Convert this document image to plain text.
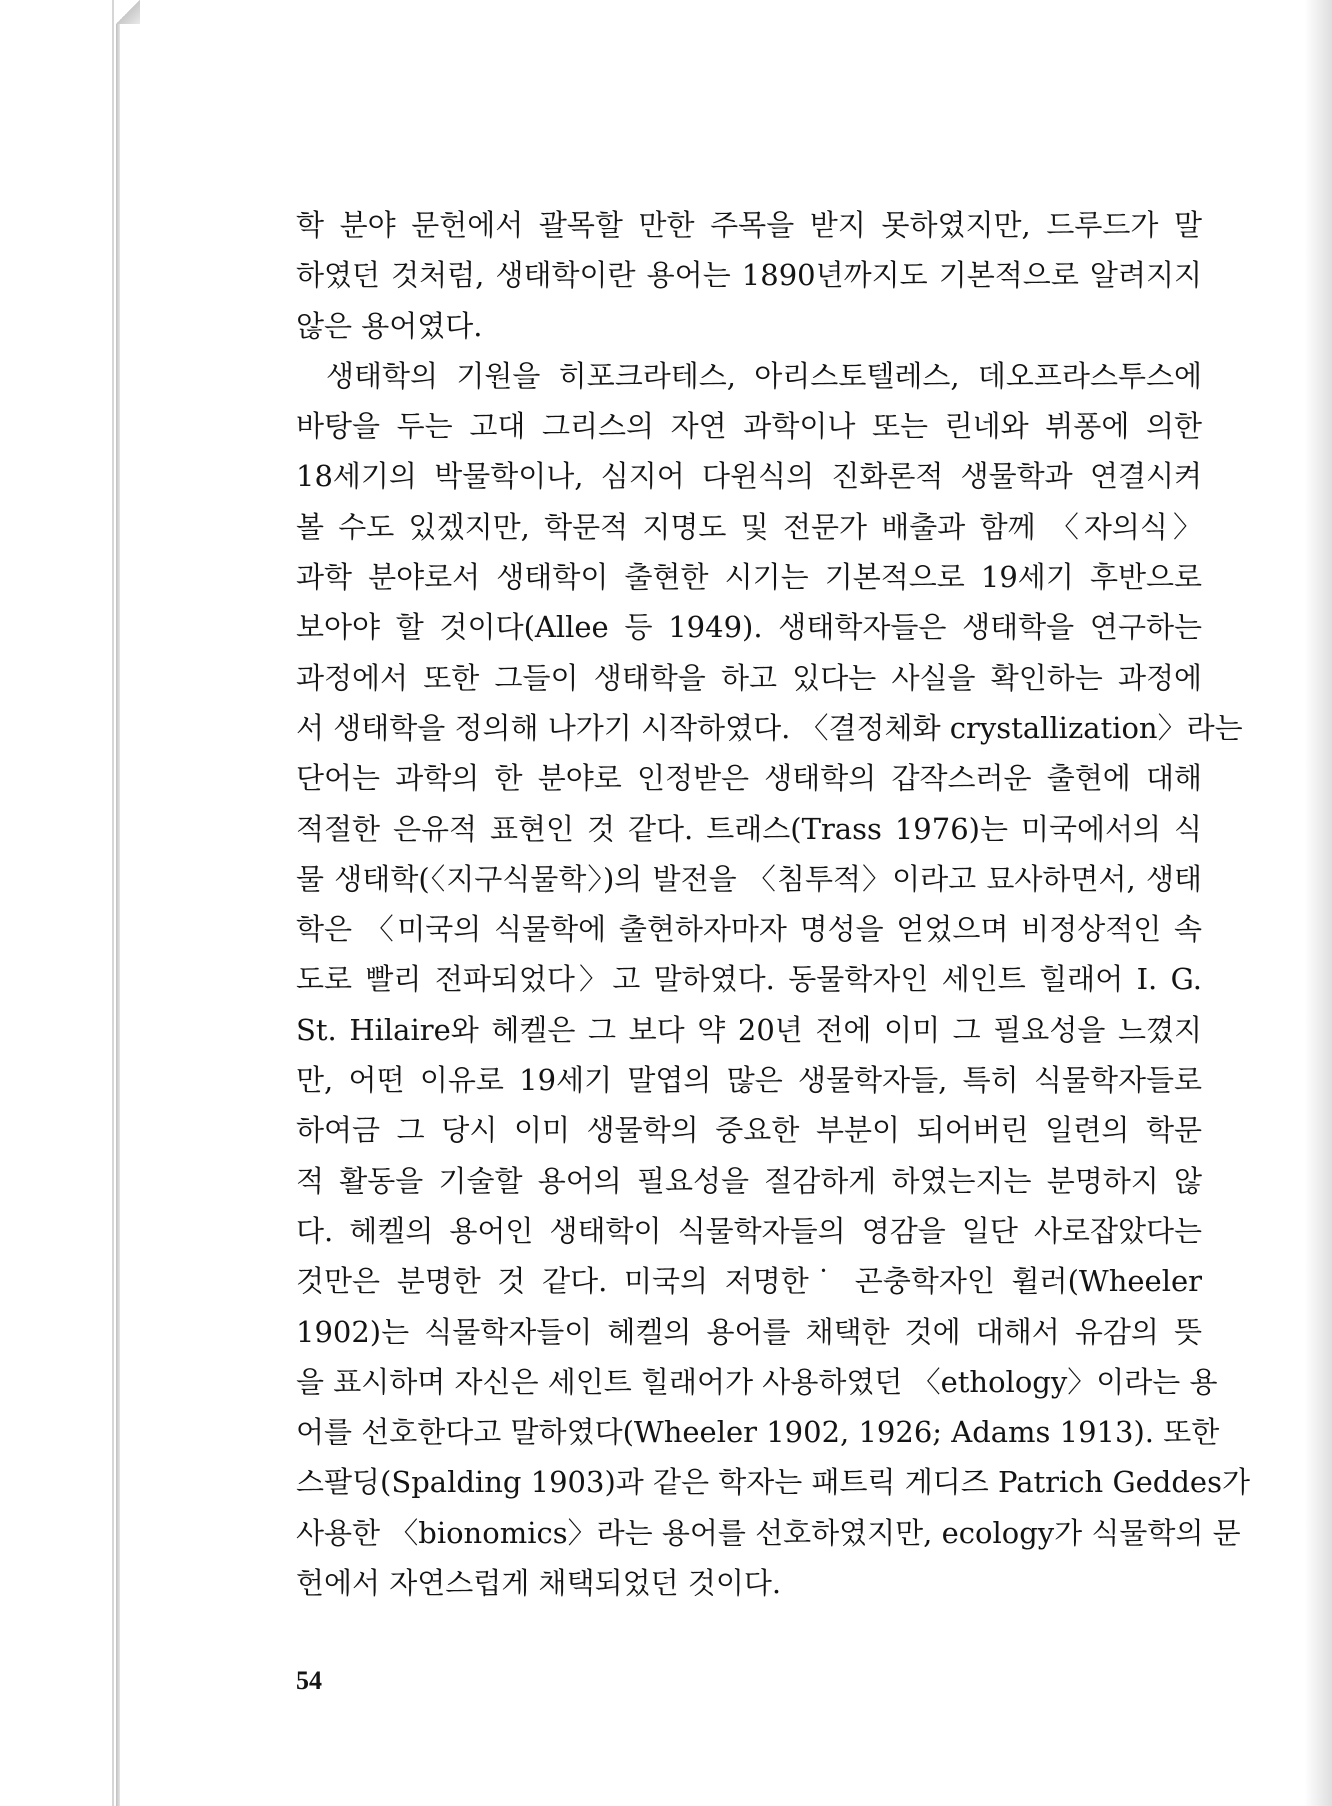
학 분야 문헌에서 괄목할 만한 주목을 받지 못하였지만, 드루드가 말
하였던 것처럼, 생태학이란 용어는 1890년까지도 기본적으로 알려지지
않은 용어였다.
생태학의 기원을 히포크라테스, 아리스토텔레스, 데오프라스투스에
바탕을 두는 고대 그리스의 자연 과학이나 또는 린네와 뷔퐁에 의한
18세기의 박물학이나, 심지어 다윈식의 진화론적 생물학과 연결시켜
볼 수도 있겠지만, 학문적 지명도 및 전문가 배출과 함께 〈자의식〉
과학 분야로서 생태학이 출현한 시기는 기본적으로 19세기 후반으로
보아야 할 것이다(Allee 등 1949). 생태학자들은 생태학을 연구하는
과정에서 또한 그들이 생태학을 하고 있다는 사실을 확인하는 과정에
서 생태학을 정의해 나가기 시작하였다. 〈결정체화 crystallization〉라는
단어는 과학의 한 분야로 인정받은 생태학의 갑작스러운 출현에 대해
적절한 은유적 표현인 것 같다. 트래스(Trass 1976)는 미국에서의 식
물 생태학(〈지구식물학〉)의 발전을 〈침투적〉이라고 묘사하면서, 생태
학은 〈미국의 식물학에 출현하자마자 명성을 얻었으며 비정상적인 속
도로 빨리 전파되었다〉고 말하였다. 동물학자인 세인트 힐래어 I. G.
St. Hilaire와 헤켈은 그 보다 약 20년 전에 이미 그 필요성을 느꼈지
만, 어떤 이유로 19세기 말엽의 많은 생물학자들, 특히 식물학자들로
하여금 그 당시 이미 생물학의 중요한 부분이 되어버린 일련의 학문
적 활동을 기술할 용어의 필요성을 절감하게 하였는지는 분명하지 않
다. 헤켈의 용어인 생태학이 식물학자들의 영감을 일단 사로잡았다는
것만은 분명한 것 같다. 미국의 저명한˙ 곤충학자인 휠러(Wheeler
1902)는 식물학자들이 헤켈의 용어를 채택한 것에 대해서 유감의 뜻
을 표시하며 자신은 세인트 힐래어가 사용하였던 〈ethology〉이라는 용
어를 선호한다고 말하였다(Wheeler 1902, 1926; Adams 1913). 또한
스팔딩(Spalding 1903)과 같은 학자는 패트릭 게디즈 Patrich Geddes가
사용한 〈bionomics〉라는 용어를 선호하였지만, ecology가 식물학의 문
헌에서 자연스럽게 채택되었던 것이다.
54
